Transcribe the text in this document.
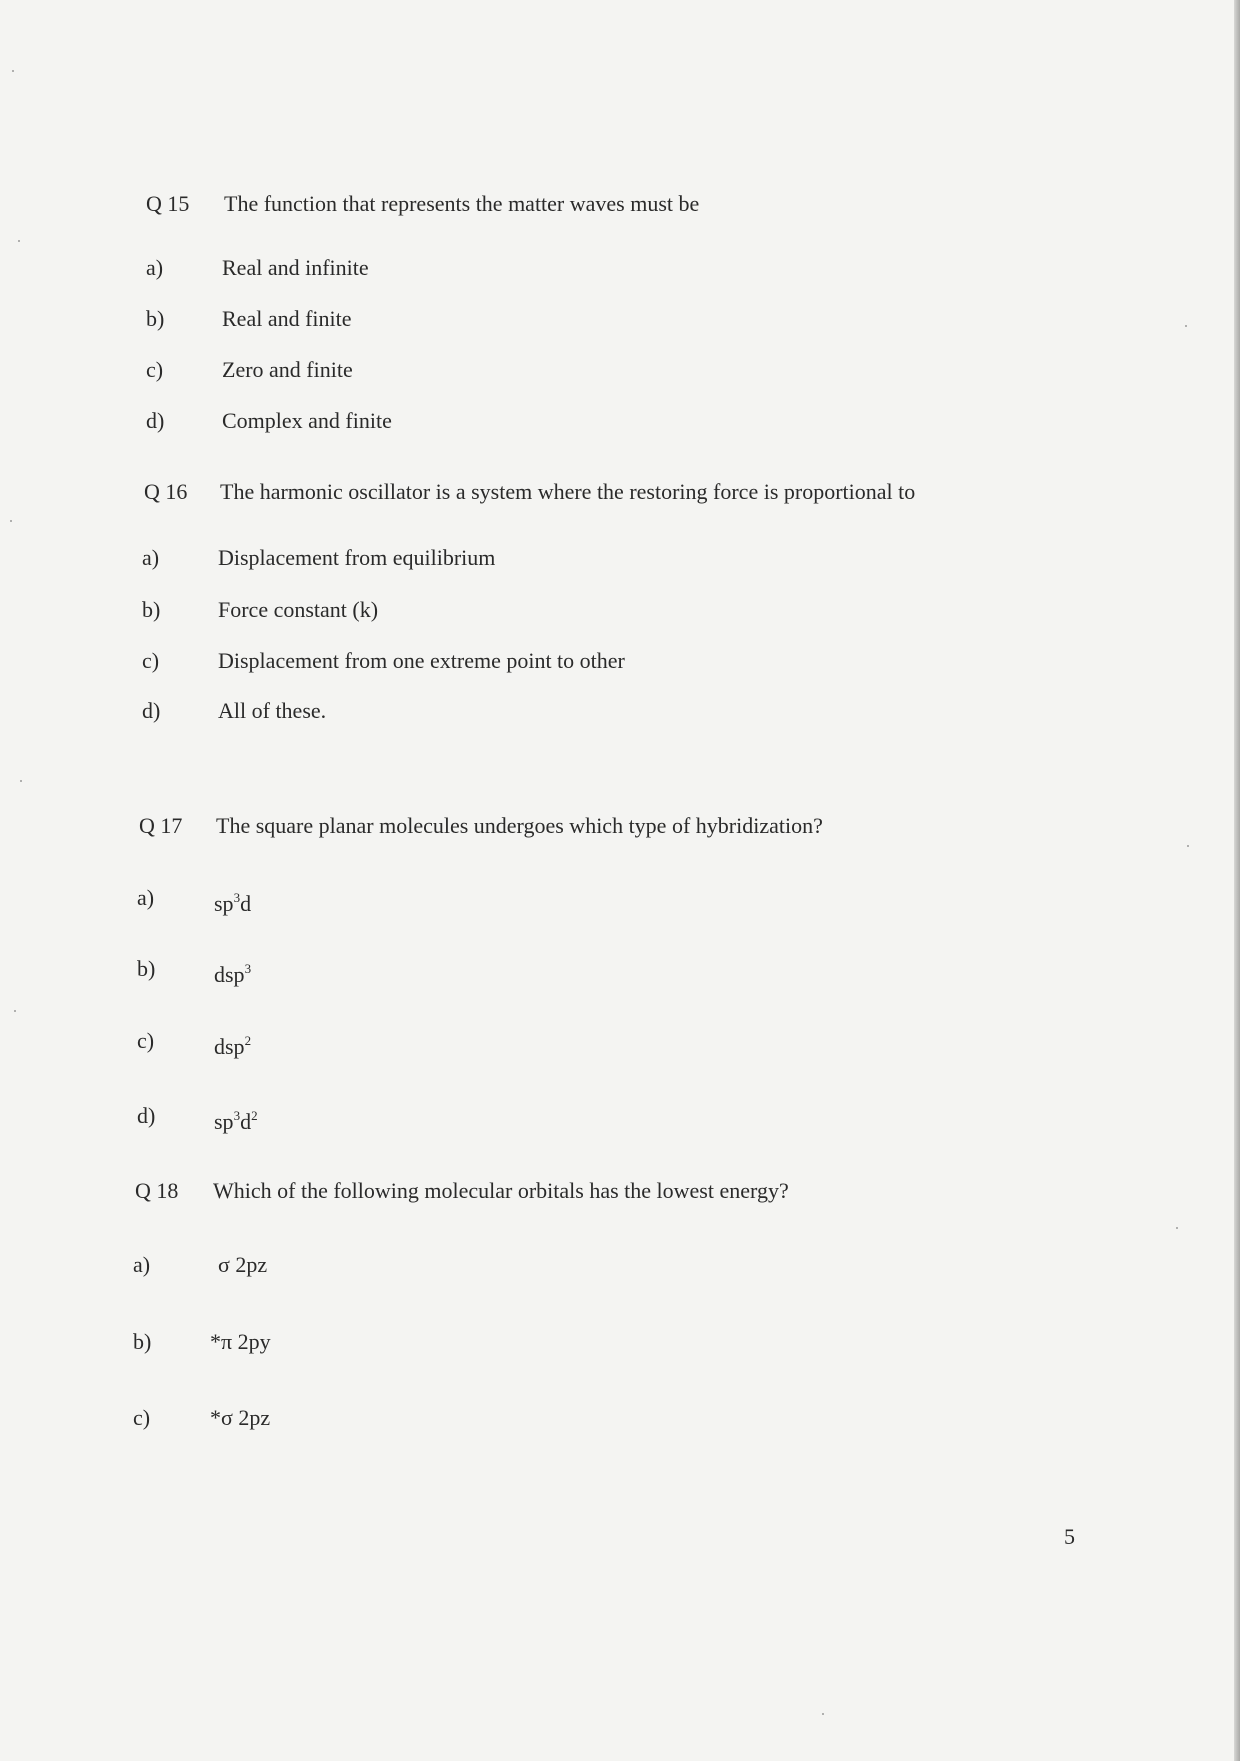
Q 15 The function that represents the matter waves must be
a)	Real and infinite
b)	Real and finite
c)	Zero and finite
d)	Complex and finite
Q 16 The harmonic oscillator is a system where the restoring force is proportional to
a)	Displacement from equilibrium
b)	Force constant (k)
c)	Displacement from one extreme point to other
d)	All of these.
Q 17 The square planar molecules undergoes which type of hybridization?
a)	$sp^3d$
b)	dsp$^3$
c)	dsp$^2$
d)	$sp^3d^2$
Q 18 Which of the following molecular orbitals has the lowest energy?
a)	σ 2pz
b)	*π 2py
c)	*σ 2pz
5
